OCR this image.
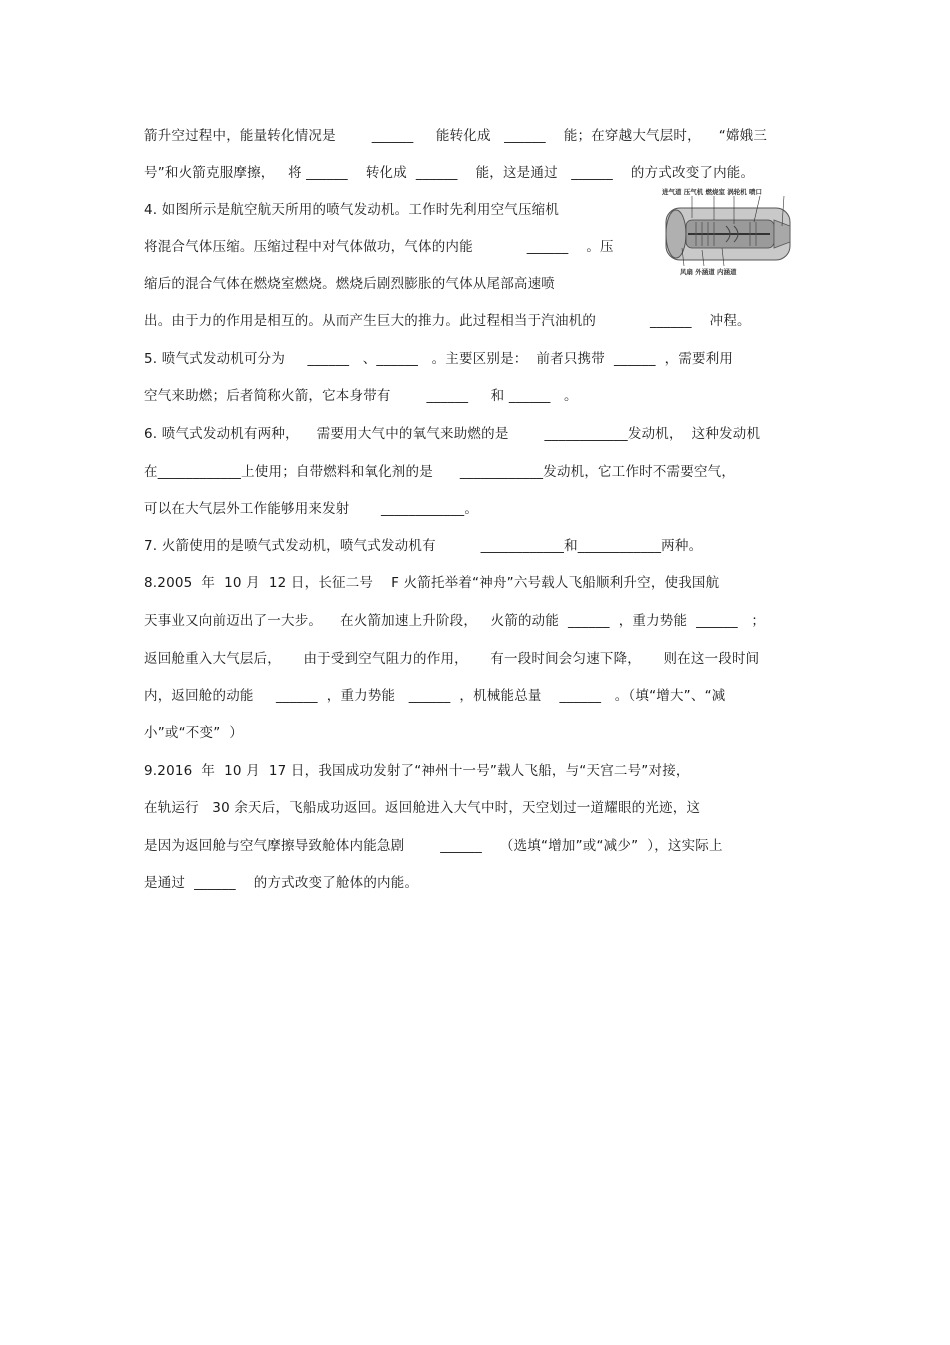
箭升空过程中，能量转化情况是        ______     能转化成   ______    能；在穿越大气层时，    “嫦娥三
号”和火箭克服摩擦，   将 ______    转化成  ______    能，这是通过   ______    的方式改变了内能。
4. 如图所示是航空航天所用的喷气发动机。工作时先利用空气压缩机
将混合气体压缩。压缩过程中对气体做功，气体的内能            ______    。压
缩后的混合气体在燃烧室燃烧。燃烧后剧烈膨胀的气体从尾部高速喷
出。由于力的作用是相互的。从而产生巨大的推力。此过程相当于汽油机的            ______    冲程。
5. 喷气式发动机可分为     ______   、______   。主要区别是：  前者只携带  ______  ，需要利用
空气来助燃；后者简称火箭，它本身带有        ______     和 ______   。
6. 喷气式发动机有两种，    需要用大气中的氧气来助燃的是        ____________发动机，  这种发动机
在____________上使用；自带燃料和氧化剂的是      ____________发动机，它工作时不需要空气，
可以在大气层外工作能够用来发射       ____________。
7. 火箭使用的是喷气式发动机，喷气式发动机有          ____________和____________两种。
8.2005  年  10 月  12 日，长征二号    F 火箭托举着“神舟”六号载人飞船顺利升空，使我国航
天事业又向前迈出了一大步。    在火箭加速上升阶段，   火箭的动能  ______  ，重力势能  ______   ；
返回舱重入大气层后，     由于受到空气阻力的作用，     有一段时间会匀速下降，     则在这一段时间
内，返回舱的动能     ______  ，重力势能   ______  ，机械能总量    ______   。（填“增大”、“减
小”或“不变”  ）
9.2016  年  10 月  17 日，我国成功发射了“神州十一号”载人飞船，与“天宫二号”对接，
在轨运行   30 余天后，飞船成功返回。返回舱进入大气中时，天空划过一道耀眼的光迹，这
是因为返回舱与空气摩擦导致舱体内能急剧        ______    （选填“增加”或“减少”  ），这实际上
是通过  ______    的方式改变了舱体的内能。
进气道 压气机 燃烧室 涡轮机 喷口
风扇 外涵道 内涵道
